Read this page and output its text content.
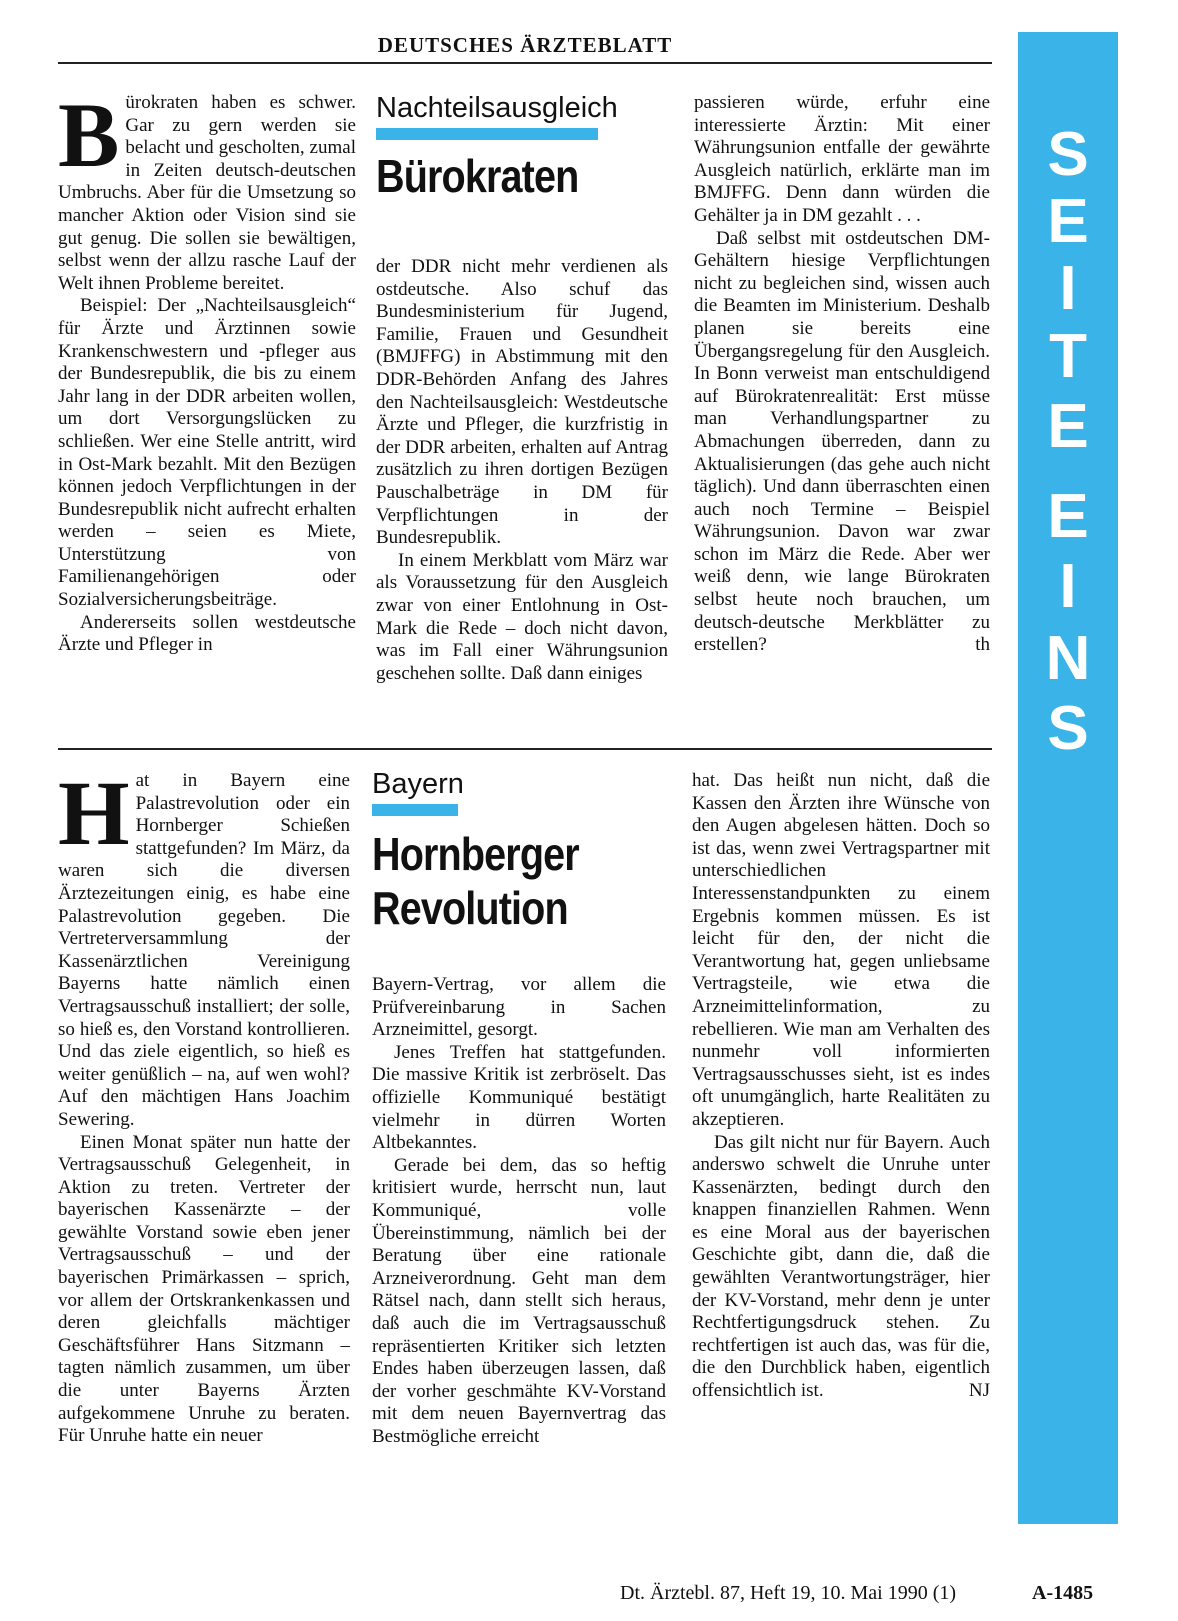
DEUTSCHES ÄRZTEBLATT
S
E
I
T
E
E
I
N
S

Bürokraten haben es schwer. Gar zu gern werden sie belacht und gescholten, zumal in Zeiten deutsch-deutschen Umbruchs. Aber für die Umsetzung so mancher Aktion oder Vision sind sie gut genug. Die sollen sie bewältigen, selbst wenn der allzu rasche Lauf der Welt ihnen Probleme bereitet.

Beispiel: Der „Nachteilsausgleich“ für Ärzte und Ärztinnen sowie Krankenschwestern und -pfleger aus der Bundesrepublik, die bis zu einem Jahr lang in der DDR arbeiten wollen, um dort Versorgungslücken zu schließen. Wer eine Stelle antritt, wird in Ost-Mark bezahlt. Mit den Bezügen können jedoch Verpflichtungen in der Bundesrepublik nicht aufrecht erhalten werden – seien es Miete, Unterstützung von Familienangehörigen oder Sozialversicherungsbeiträge.

Andererseits sollen westdeutsche Ärzte und Pfleger in

Nachteilsausgleich
Bürokraten

der DDR nicht mehr verdienen als ostdeutsche. Also schuf das Bundesministerium für Jugend, Familie, Frauen und Gesundheit (BMJFFG) in Abstimmung mit den DDR-Behörden Anfang des Jahres den Nachteilsausgleich: Westdeutsche Ärzte und Pfleger, die kurzfristig in der DDR arbeiten, erhalten auf Antrag zusätzlich zu ihren dortigen Bezügen Pauschalbeträge in DM für Verpflichtungen in der Bundesrepublik.

In einem Merkblatt vom März war als Voraussetzung für den Ausgleich zwar von einer Entlohnung in Ost-Mark die Rede – doch nicht davon, was im Fall einer Währungsunion geschehen sollte. Daß dann einiges

passieren würde, erfuhr eine interessierte Ärztin: Mit einer Währungsunion entfalle der gewährte Ausgleich natürlich, erklärte man im BMJFFG. Denn dann würden die Gehälter ja in DM gezahlt . . .

Daß selbst mit ostdeutschen DM-Gehältern hiesige Verpflichtungen nicht zu begleichen sind, wissen auch die Beamten im Ministerium. Deshalb planen sie bereits eine Übergangsregelung für den Ausgleich. In Bonn verweist man entschuldigend auf Bürokratenrealität: Erst müsse man Verhandlungspartner zu Abmachungen überreden, dann zu Aktualisierungen (das gehe auch nicht täglich). Und dann überraschten einen auch noch Termine – Beispiel Währungsunion. Davon war zwar schon im März die Rede. Aber wer weiß denn, wie lange Bürokraten selbst heute noch brauchen, um deutsch-deutsche Merkblätter zu erstellen?	th

Hat in Bayern eine Palastrevolution oder ein Hornberger Schießen stattgefunden? Im März, da waren sich die diversen Ärztezeitungen einig, es habe eine Palastrevolution gegeben. Die Vertreterversammlung der Kassenärztlichen Vereinigung Bayerns hatte nämlich einen Vertragsausschuß installiert; der solle, so hieß es, den Vorstand kontrollieren. Und das ziele eigentlich, so hieß es weiter genüßlich – na, auf wen wohl? Auf den mächtigen Hans Joachim Sewering.

Einen Monat später nun hatte der Vertragsausschuß Gelegenheit, in Aktion zu treten. Vertreter der bayerischen Kassenärzte – der gewählte Vorstand sowie eben jener Vertragsausschuß – und der bayerischen Primärkassen – sprich, vor allem der Ortskrankenkassen und deren gleichfalls mächtiger Geschäftsführer Hans Sitzmann – tagten nämlich zusammen, um über die unter Bayerns Ärzten aufgekommene Unruhe zu beraten. Für Unruhe hatte ein neuer

Bayern
Hornberger
Revolution

Bayern-Vertrag, vor allem die Prüfvereinbarung in Sachen Arzneimittel, gesorgt.

Jenes Treffen hat stattgefunden. Die massive Kritik ist zerbröselt. Das offizielle Kommuniqué bestätigt vielmehr in dürren Worten Altbekanntes.

Gerade bei dem, das so heftig kritisiert wurde, herrscht nun, laut Kommuniqué, volle Übereinstimmung, nämlich bei der Beratung über eine rationale Arzneiverordnung. Geht man dem Rätsel nach, dann stellt sich heraus, daß auch die im Vertragsausschuß repräsentierten Kritiker sich letzten Endes haben überzeugen lassen, daß der vorher geschmähte KV-Vorstand mit dem neuen Bayernvertrag das Bestmögliche erreicht

hat. Das heißt nun nicht, daß die Kassen den Ärzten ihre Wünsche von den Augen abgelesen hätten. Doch so ist das, wenn zwei Vertragspartner mit unterschiedlichen Interessenstandpunkten zu einem Ergebnis kommen müssen. Es ist leicht für den, der nicht die Verantwortung hat, gegen unliebsame Vertragsteile, wie etwa die Arzneimittelinformation, zu rebellieren. Wie man am Verhalten des nunmehr voll informierten Vertragsausschusses sieht, ist es indes oft unumgänglich, harte Realitäten zu akzeptieren.

Das gilt nicht nur für Bayern. Auch anderswo schwelt die Unruhe unter Kassenärzten, bedingt durch den knappen finanziellen Rahmen. Wenn es eine Moral aus der bayerischen Geschichte gibt, dann die, daß die gewählten Verantwortungsträger, hier der KV-Vorstand, mehr denn je unter Rechtfertigungsdruck stehen. Zu rechtfertigen ist auch das, was für die, die den Durchblick haben, eigentlich offensichtlich ist.	NJ

Dt. Ärztebl. 87, Heft 19, 10. Mai 1990 (1)	A-1485
